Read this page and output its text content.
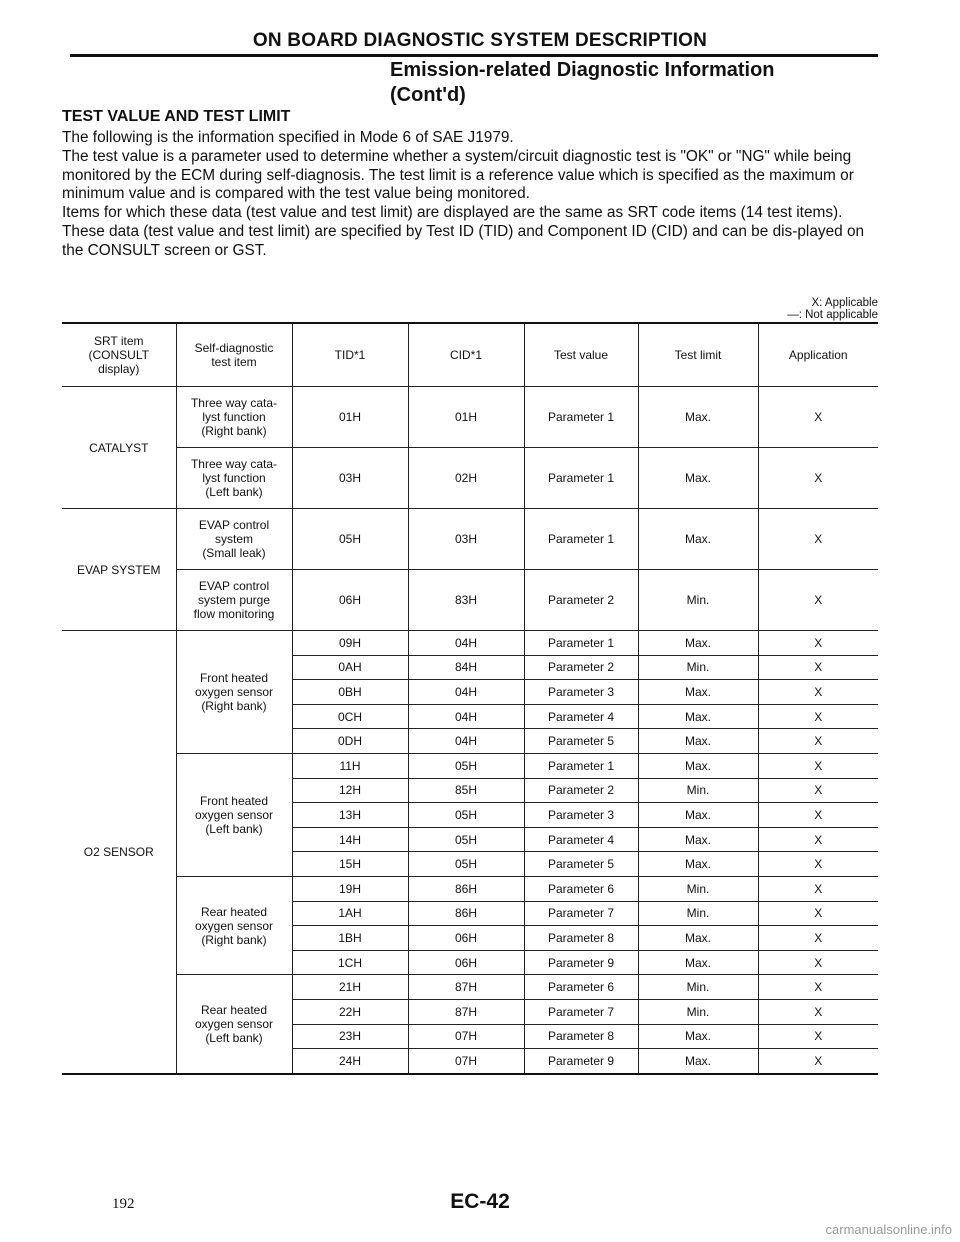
ON BOARD DIAGNOSTIC SYSTEM DESCRIPTION
Emission-related Diagnostic Information
(Cont'd)
TEST VALUE AND TEST LIMIT
The following is the information specified in Mode 6 of SAE J1979.
The test value is a parameter used to determine whether a system/circuit diagnostic test is "OK" or "NG" while being monitored by the ECM during self-diagnosis. The test limit is a reference value which is specified as the maximum or minimum value and is compared with the test value being monitored.
Items for which these data (test value and test limit) are displayed are the same as SRT code items (14 test items).
These data (test value and test limit) are specified by Test ID (TID) and Component ID (CID) and can be dis-played on the CONSULT screen or GST.
X: Applicable
—: Not applicable
SRT item
(CONSULT
display)	Self-diagnostic
test item	TID*1	CID*1	Test value	Test limit	Application
CATALYST	Three way cata-
lyst function
(Right bank)	01H	01H	Parameter 1	Max.	X
	Three way cata-
lyst function
(Left bank)	03H	02H	Parameter 1	Max.	X
EVAP SYSTEM	EVAP control
system
(Small leak)	05H	03H	Parameter 1	Max.	X
	EVAP control
system purge
flow monitoring	06H	83H	Parameter 2	Min.	X
O2 SENSOR	Front heated
oxygen sensor
(Right bank)	09H	04H	Parameter 1	Max.	X
		0AH	84H	Parameter 2	Min.	X
		0BH	04H	Parameter 3	Max.	X
		0CH	04H	Parameter 4	Max.	X
		0DH	04H	Parameter 5	Max.	X
	Front heated
oxygen sensor
(Left bank)	11H	05H	Parameter 1	Max.	X
		12H	85H	Parameter 2	Min.	X
		13H	05H	Parameter 3	Max.	X
		14H	05H	Parameter 4	Max.	X
		15H	05H	Parameter 5	Max.	X
	Rear heated
oxygen sensor
(Right bank)	19H	86H	Parameter 6	Min.	X
		1AH	86H	Parameter 7	Min.	X
		1BH	06H	Parameter 8	Max.	X
		1CH	06H	Parameter 9	Max.	X
	Rear heated
oxygen sensor
(Left bank)	21H	87H	Parameter 6	Min.	X
		22H	87H	Parameter 7	Min.	X
		23H	07H	Parameter 8	Max.	X
		24H	07H	Parameter 9	Max.	X
192	EC-42
carmanualsonline.info
